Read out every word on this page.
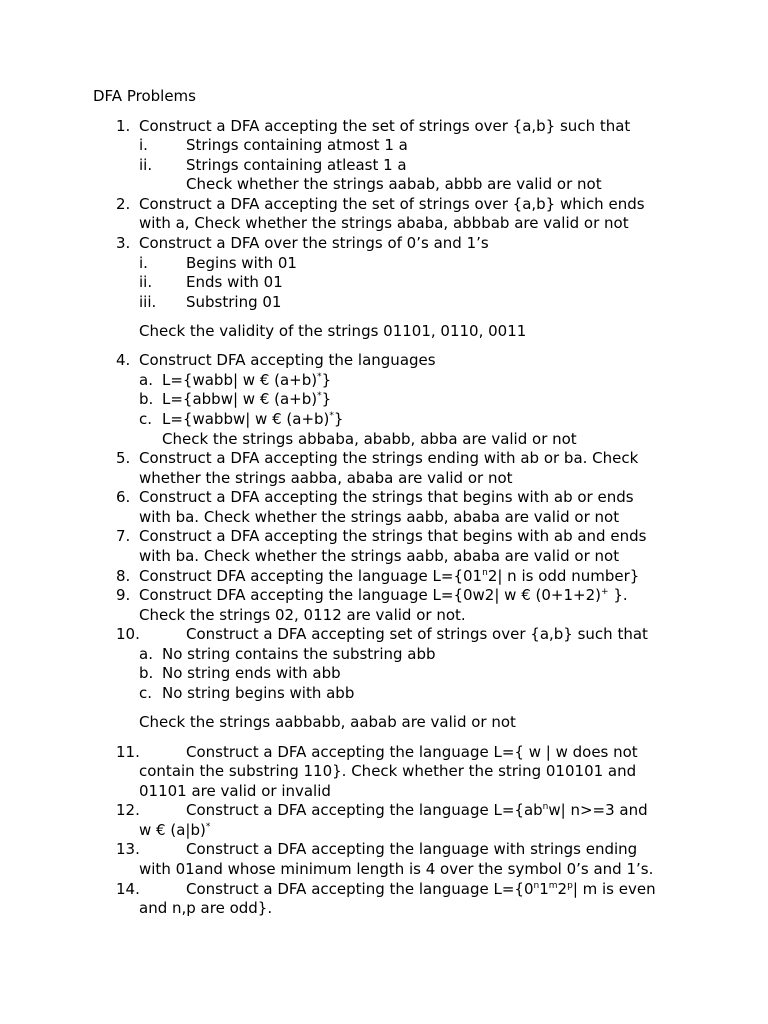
DFA Problems
1. Construct a DFA accepting the set of strings over {a,b} such that
i.	Strings containing atmost 1 a
ii. Strings containing atleast 1 a
Check whether the strings aabab, abbb are valid or not
2. Construct a DFA accepting the set of strings over {a,b} which ends
with a, Check whether the strings ababa, abbbab are valid or not
3. Construct a DFA over the strings of 0’s and 1’s
i.	Begins with 01
ii. Ends with 01
iii. Substring 01
Check the validity of the strings 01101, 0110, 0011
4. Construct DFA accepting the languages
a. L={wabb| w € (a+b)*}
b. L={abbw| w € (a+b)*}
c. L={wabbw| w € (a+b)*}
Check the strings abbaba, ababb, abba are valid or not
5. Construct a DFA accepting the strings ending with ab or ba. Check
whether the strings aabba, ababa are valid or not
6. Construct a DFA accepting the strings that begins with ab or ends
with ba. Check whether the strings aabb, ababa are valid or not
7. Construct a DFA accepting the strings that begins with ab and ends
with ba. Check whether the strings aabb, ababa are valid or not
8. Construct DFA accepting the language $L=\{01^n2|$ n is odd number}
9. Construct DFA accepting the language L={0w2| w € (0+1+2)+ }.
Check the strings 02, 0112 are valid or not.
10.	Construct a DFA accepting set of strings over {a,b} such that
a. No string contains the substring abb
b. No string ends with abb
c. No string begins with abb
Check the strings aabbabb, aabab are valid or not
11.	Construct a DFA accepting the language L={ w | w does not
contain the substring 110}. Check whether the string 010101 and
01101 are valid or invalid
12.	Construct a DFA accepting the language $L=\{ab^nw|$ n>=3 and
w € (a|b)*
13.	Construct a DFA accepting the language with strings ending
with 01and whose minimum length is 4 over the symbol 0’s and 1’s.
14.	Construct a DFA accepting the language $L=\{0^n1^m2^p|$ m is even
and n,p are odd}.
